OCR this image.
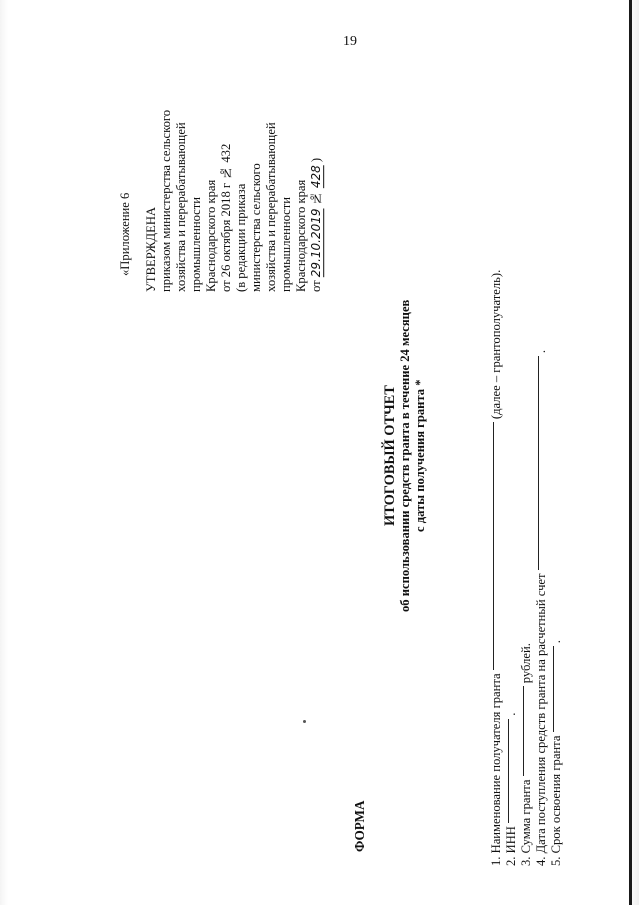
19
«Приложение 6 УТВЕРЖДЕНА приказом министерства сельского хозяйства и перерабатывающей промышленности Краснодарского края от 26 октября 2018 г № 432 (в редакции приказа министерства сельского хозяйства и перерабатывающей промышленности Краснодарского края от 29.10.2019 № 428 )
ФОРМА
ИТОГОВЫЙ ОТЧЕТ об использовании средств гранта в течение 24 месяцев с даты получения гранта *
1. Наименование получателя гранта  (далее – грантополучатель).
2. ИНН  .
3. Сумма гранта  рублей. 4. Дата поступления средств гранта на расчетный счет  .
5. Срок освоения гранта  .
